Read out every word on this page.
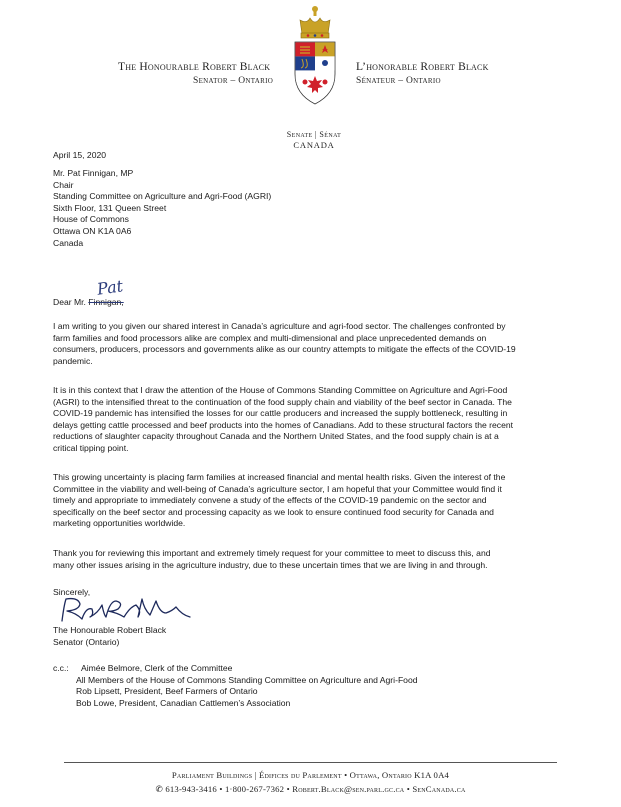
The Honourable Robert Black
Senator – Ontario
L’honorable Robert Black
Sénateur – Ontario
Senate | Sénat
CANADA
April 15, 2020
Mr. Pat Finnigan, MP
Chair
Standing Committee on Agriculture and Agri-Food (AGRI)
Sixth Floor, 131 Queen Street
House of Commons
Ottawa ON K1A 0A6
Canada
Dear Mr. Finnigan,
Pat
I am writing to you given our shared interest in Canada’s agriculture and agri-food sector. The challenges confronted by
farm families and food processors alike are complex and multi-dimensional and place unprecedented demands on
consumers, producers, processors and governments alike as our country attempts to mitigate the effects of the COVID-19
pandemic.
It is in this context that I draw the attention of the House of Commons Standing Committee on Agriculture and Agri-Food
(AGRI) to the intensified threat to the continuation of the food supply chain and viability of the beef sector in Canada. The
COVID-19 pandemic has intensified the losses for our cattle producers and increased the supply bottleneck, resulting in
delays getting cattle processed and beef products into the homes of Canadians. Add to these structural factors the recent
reductions of slaughter capacity throughout Canada and the Northern United States, and the food supply chain is at a
critical tipping point.
This growing uncertainty is placing farm families at increased financial and mental health risks. Given the interest of the
Committee in the viability and well-being of Canada’s agriculture sector, I am hopeful that your Committee would find it
timely and appropriate to immediately convene a study of the effects of the COVID-19 pandemic on the sector and
specifically on the beef sector and processing capacity as we look to ensure continued food security for Canada and
marketing opportunities worldwide.
Thank you for reviewing this important and extremely timely request for your committee to meet to discuss this, and
many other issues arising in the agriculture industry, due to these uncertain times that we are living in and through.
Sincerely,
The Honourable Robert Black
Senator (Ontario)
c.c.: Aimée Belmore, Clerk of the Committee
All Members of the House of Commons Standing Committee on Agriculture and Agri-Food
Rob Lipsett, President, Beef Farmers of Ontario
Bob Lowe, President, Canadian Cattlemen’s Association
Parliament Buildings | Édifices du Parlement • Ottawa, Ontario K1A 0A4
✆ 613-943-3416 • 1·800-267-7362 • Robert.Black@sen.parl.gc.ca • SenCanada.ca
